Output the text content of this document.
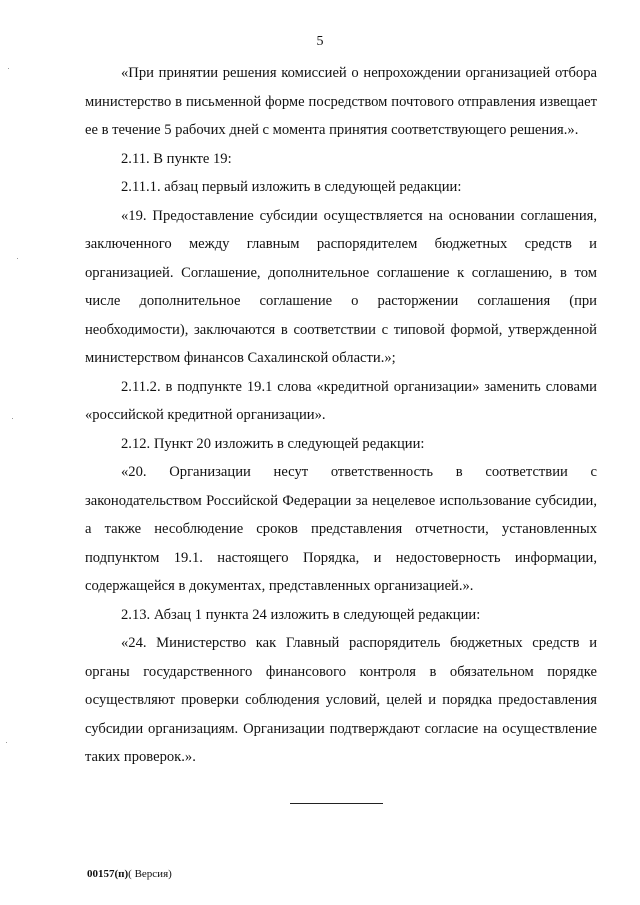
5

«При принятии решения комиссией о непрохождении организацией отбора министерство в письменной форме посредством почтового отправления извещает ее в течение 5 рабочих дней с момента принятия соответствующего решения.».

2.11. В пункте 19:

2.11.1. абзац первый изложить в следующей редакции:

«19. Предоставление субсидии осуществляется на основании соглашения, заключенного между главным распорядителем бюджетных средств и организацией. Соглашение, дополнительное соглашение к соглашению, в том числе дополнительное соглашение о расторжении соглашения (при необходимости), заключаются в соответствии с типовой формой, утвержденной министерством финансов Сахалинской области.»;

2.11.2. в подпункте 19.1 слова «кредитной организации» заменить словами «российской кредитной организации».

2.12. Пункт 20 изложить в следующей редакции:

«20. Организации несут ответственность в соответствии с законодательством Российской Федерации за нецелевое использование субсидии, а также несоблюдение сроков представления отчетности, установленных подпунктом 19.1. настоящего Порядка, и недостоверность информации, содержащейся в документах, представленных организацией.».

2.13. Абзац 1 пункта 24 изложить в следующей редакции:

«24. Министерство как Главный распорядитель бюджетных средств и органы государственного финансового контроля в обязательном порядке осуществляют проверки соблюдения условий, целей и порядка предоставления субсидии организациям. Организации подтверждают согласие на осуществление таких проверок.».

00157(п)( Версия)
